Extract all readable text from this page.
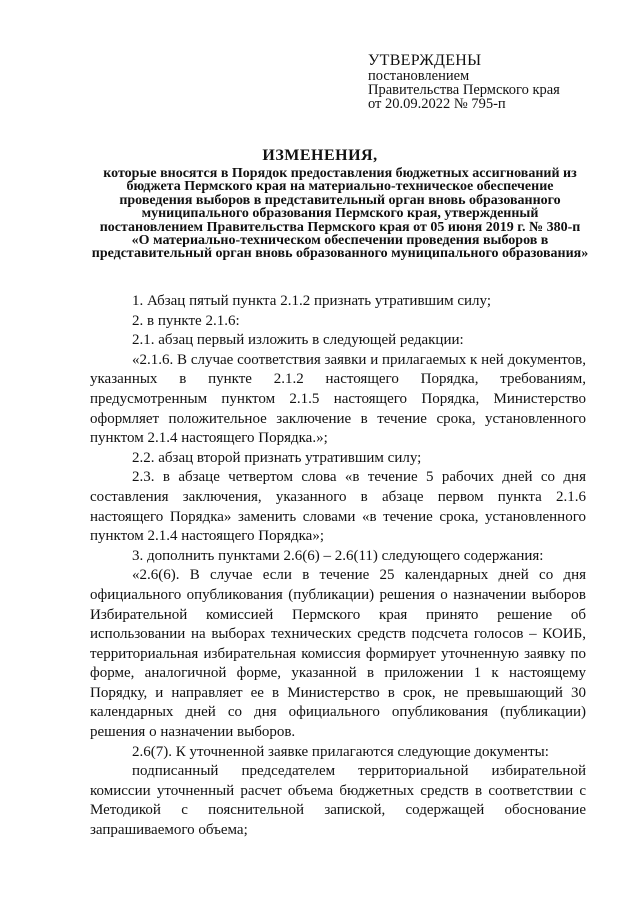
УТВЕРЖДЕНЫ
постановлением
Правительства Пермского края
от 20.09.2022 № 795-п
ИЗМЕНЕНИЯ,
которые вносятся в Порядок предоставления бюджетных ассигнований из бюджета Пермского края на материально-техническое обеспечение проведения выборов в представительный орган вновь образованного муниципального образования Пермского края, утвержденный постановлением Правительства Пермского края от 05 июня 2019 г. № 380-п «О материально-техническом обеспечении проведения выборов в представительный орган вновь образованного муниципального образования»

1. Абзац пятый пункта 2.1.2 признать утратившим силу;

2. в пункте 2.1.6:

2.1. абзац первый изложить в следующей редакции:

«2.1.6. В случае соответствия заявки и прилагаемых к ней документов, указанных в пункте 2.1.2 настоящего Порядка, требованиям, предусмотренным пунктом 2.1.5 настоящего Порядка, Министерство оформляет положительное заключение в течение срока, установленного пунктом 2.1.4 настоящего Порядка.»;

2.2. абзац второй признать утратившим силу;

2.3. в абзаце четвертом слова «в течение 5 рабочих дней со дня составления заключения, указанного в абзаце первом пункта 2.1.6 настоящего Порядка» заменить словами «в течение срока, установленного пунктом 2.1.4 настоящего Порядка»;

3. дополнить пунктами 2.6(6) – 2.6(11) следующего содержания:

«2.6(6). В случае если в течение 25 календарных дней со дня официального опубликования (публикации) решения о назначении выборов Избирательной комиссией Пермского края принято решение об использовании на выборах технических средств подсчета голосов – КОИБ, территориальная избирательная комиссия формирует уточненную заявку по форме, аналогичной форме, указанной в приложении 1 к настоящему Порядку, и направляет ее в Министерство в срок, не превышающий 30 календарных дней со дня официального опубликования (публикации) решения о назначении выборов.

2.6(7). К уточненной заявке прилагаются следующие документы:

подписанный председателем территориальной избирательной комиссии уточненный расчет объема бюджетных средств в соответствии с Методикой с пояснительной запиской, содержащей обоснование запрашиваемого объема;
